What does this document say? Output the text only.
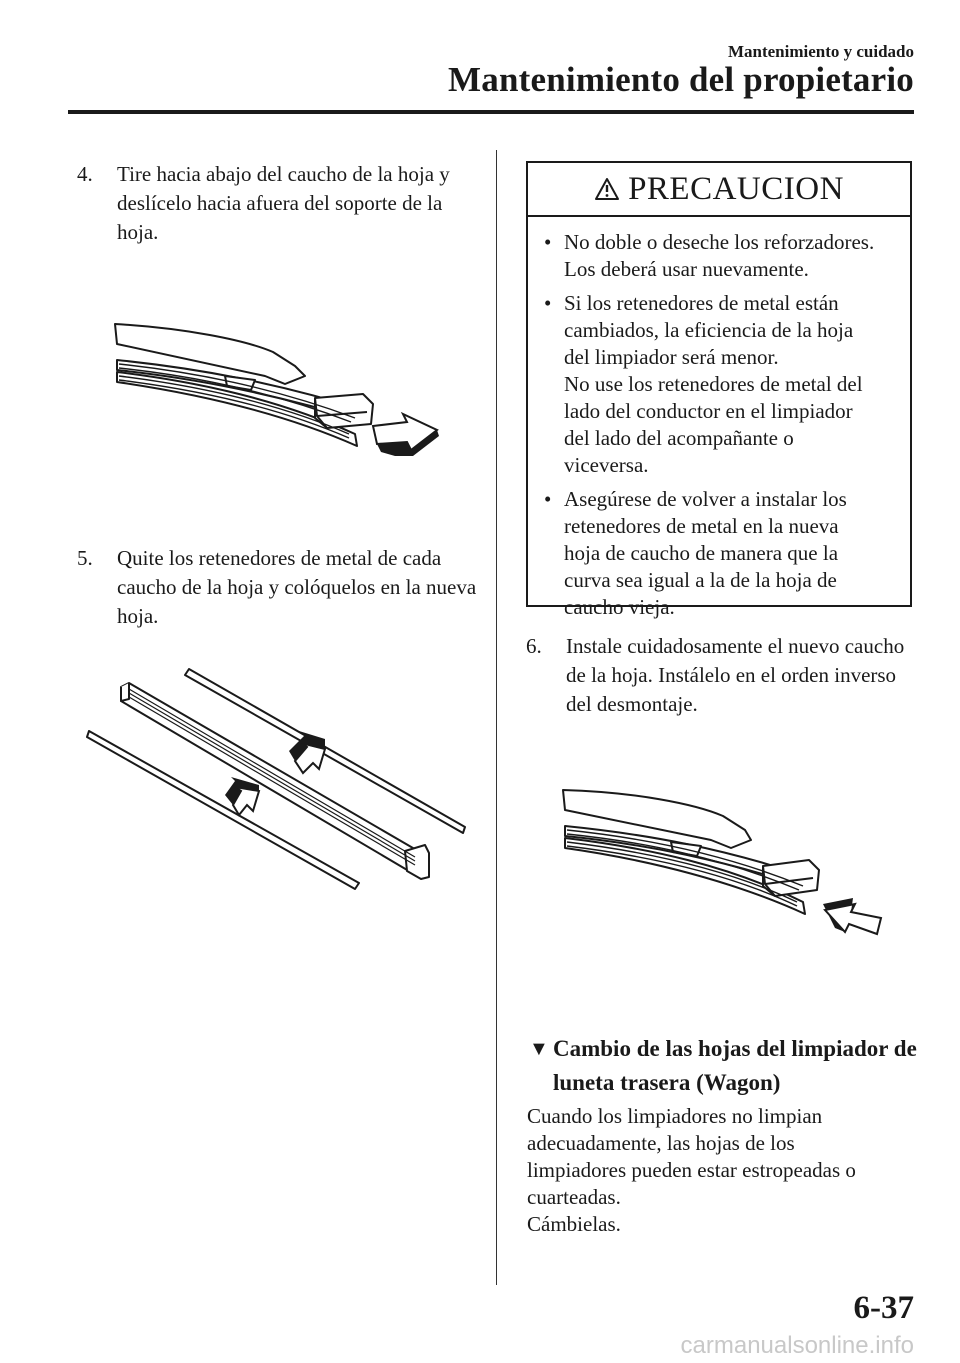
Mantenimiento y cuidado
Mantenimiento del propietario
4.	Tire hacia abajo del caucho de la hoja y deslícelo hacia afuera del soporte de la hoja.
5.	Quite los retenedores de metal de cada caucho de la hoja y colóquelos en la nueva hoja.
PRECAUCION
• No doble o deseche los reforzadores.
Los deberá usar nuevamente.
• Si los retenedores de metal están
cambiados, la eficiencia de la hoja
del limpiador será menor.
No use los retenedores de metal del
lado del conductor en el limpiador
del lado del acompañante o
viceversa.
• Asegúrese de volver a instalar los
retenedores de metal en la nueva
hoja de caucho de manera que la
curva sea igual a la de la hoja de
caucho vieja.
6.	Instale cuidadosamente el nuevo caucho de la hoja. Instálelo en el orden inverso del desmontaje.
▼ Cambio de las hojas del limpiador de luneta trasera (Wagon)
Cuando los limpiadores no limpian
adecuadamente, las hojas de los
limpiadores pueden estar estropeadas o
cuarteadas.
Cámbielas.
6-37
carmanualsonline.info
